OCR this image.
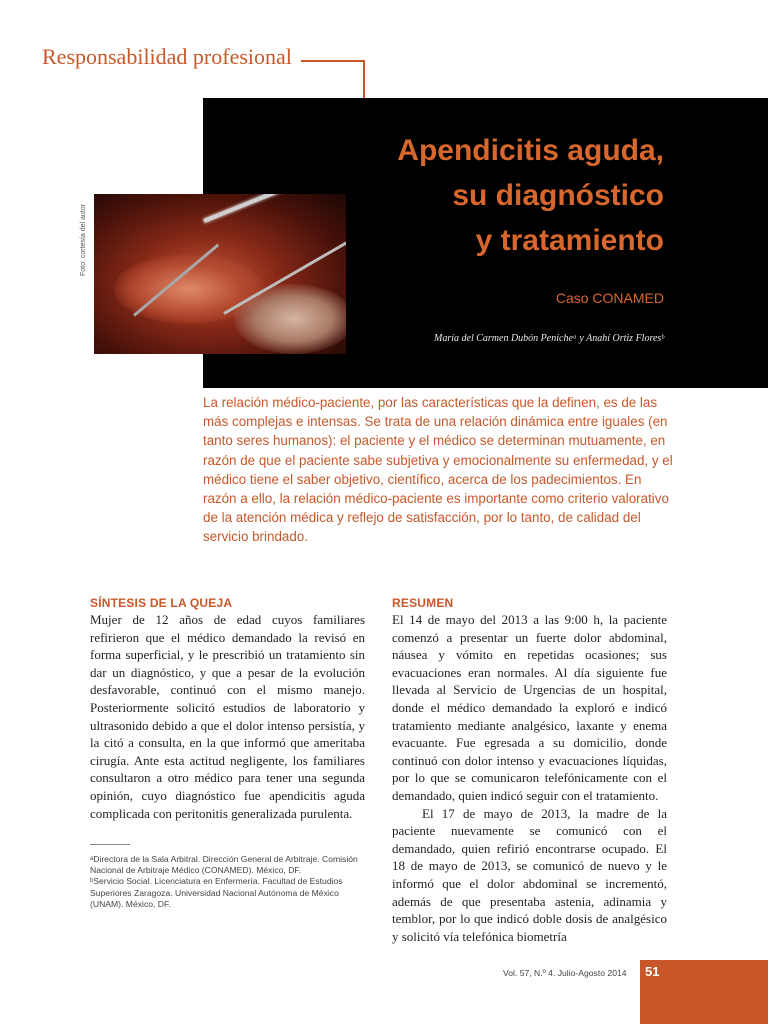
Responsabilidad profesional
Foto: cortesía del autor
Apendicitis aguda,
su diagnóstico
y tratamiento
Caso CONAMED
María del Carmen Dubón Penicheᵃ y Anahí Ortiz Floresᵇ
La relación médico-paciente, por las características que la definen, es de las más complejas e intensas. Se trata de una relación dinámica entre iguales (en tanto seres humanos): el paciente y el médico se determinan mutuamente, en razón de que el paciente sabe subjetiva y emocionalmente su enfermedad, y el médico tiene el saber objetivo, científico, acerca de los padecimientos. En razón a ello, la relación médico-paciente es importante como criterio valorativo de la atención médica y reflejo de satisfacción, por lo tanto, de calidad del servicio brindado.
SÍNTESIS DE LA QUEJA

Mujer de 12 años de edad cuyos familiares refirieron que el médico demandado la revisó en forma superficial, y le prescribió un tratamiento sin dar un diagnóstico, y que a pesar de la evolución desfavorable, continuó con el mismo manejo. Posteriormente solicitó estudios de laboratorio y ultrasonido debido a que el dolor intenso persistía, y la citó a consulta, en la que informó que ameritaba cirugía. Ante esta actitud negligente, los familiares consultaron a otro médico para tener una segunda opinión, cuyo diagnóstico fue apendicitis aguda complicada con peritonitis generalizada purulenta.

RESUMEN

El 14 de mayo del 2013 a las 9:00 h, la paciente comenzó a presentar un fuerte dolor abdominal, náusea y vómito en repetidas ocasiones; sus evacuaciones eran normales. Al día siguiente fue llevada al Servicio de Urgencias de un hospital, donde el médico demandado la exploró e indicó tratamiento mediante analgésico, laxante y enema evacuante. Fue egresada a su domicilio, donde continuó con dolor intenso y evacuaciones líquidas, por lo que se comunicaron telefónicamente con el demandado, quien indicó seguir con el tratamiento.

El 17 de mayo de 2013, la madre de la paciente nuevamente se comunicó con el demandado, quien refirió encontrarse ocupado. El 18 de mayo de 2013, se comunicó de nuevo y le informó que el dolor abdominal se incrementó, además de que presentaba astenia, adinamia y temblor, por lo que indicó doble dosis de analgésico y solicitó vía telefónica biometría

ᵃDirectora de la Sala Arbitral. Dirección General de Arbitraje. Comisión Nacional de Arbitraje Médico (CONAMED). México, DF.
ᵇServicio Social. Licenciatura en Enfermería. Facultad de Estudios Superiores Zaragoza. Universidad Nacional Autónoma de México (UNAM). México, DF.
Vol. 57, N.º 4. Julio-Agosto 2014 51
